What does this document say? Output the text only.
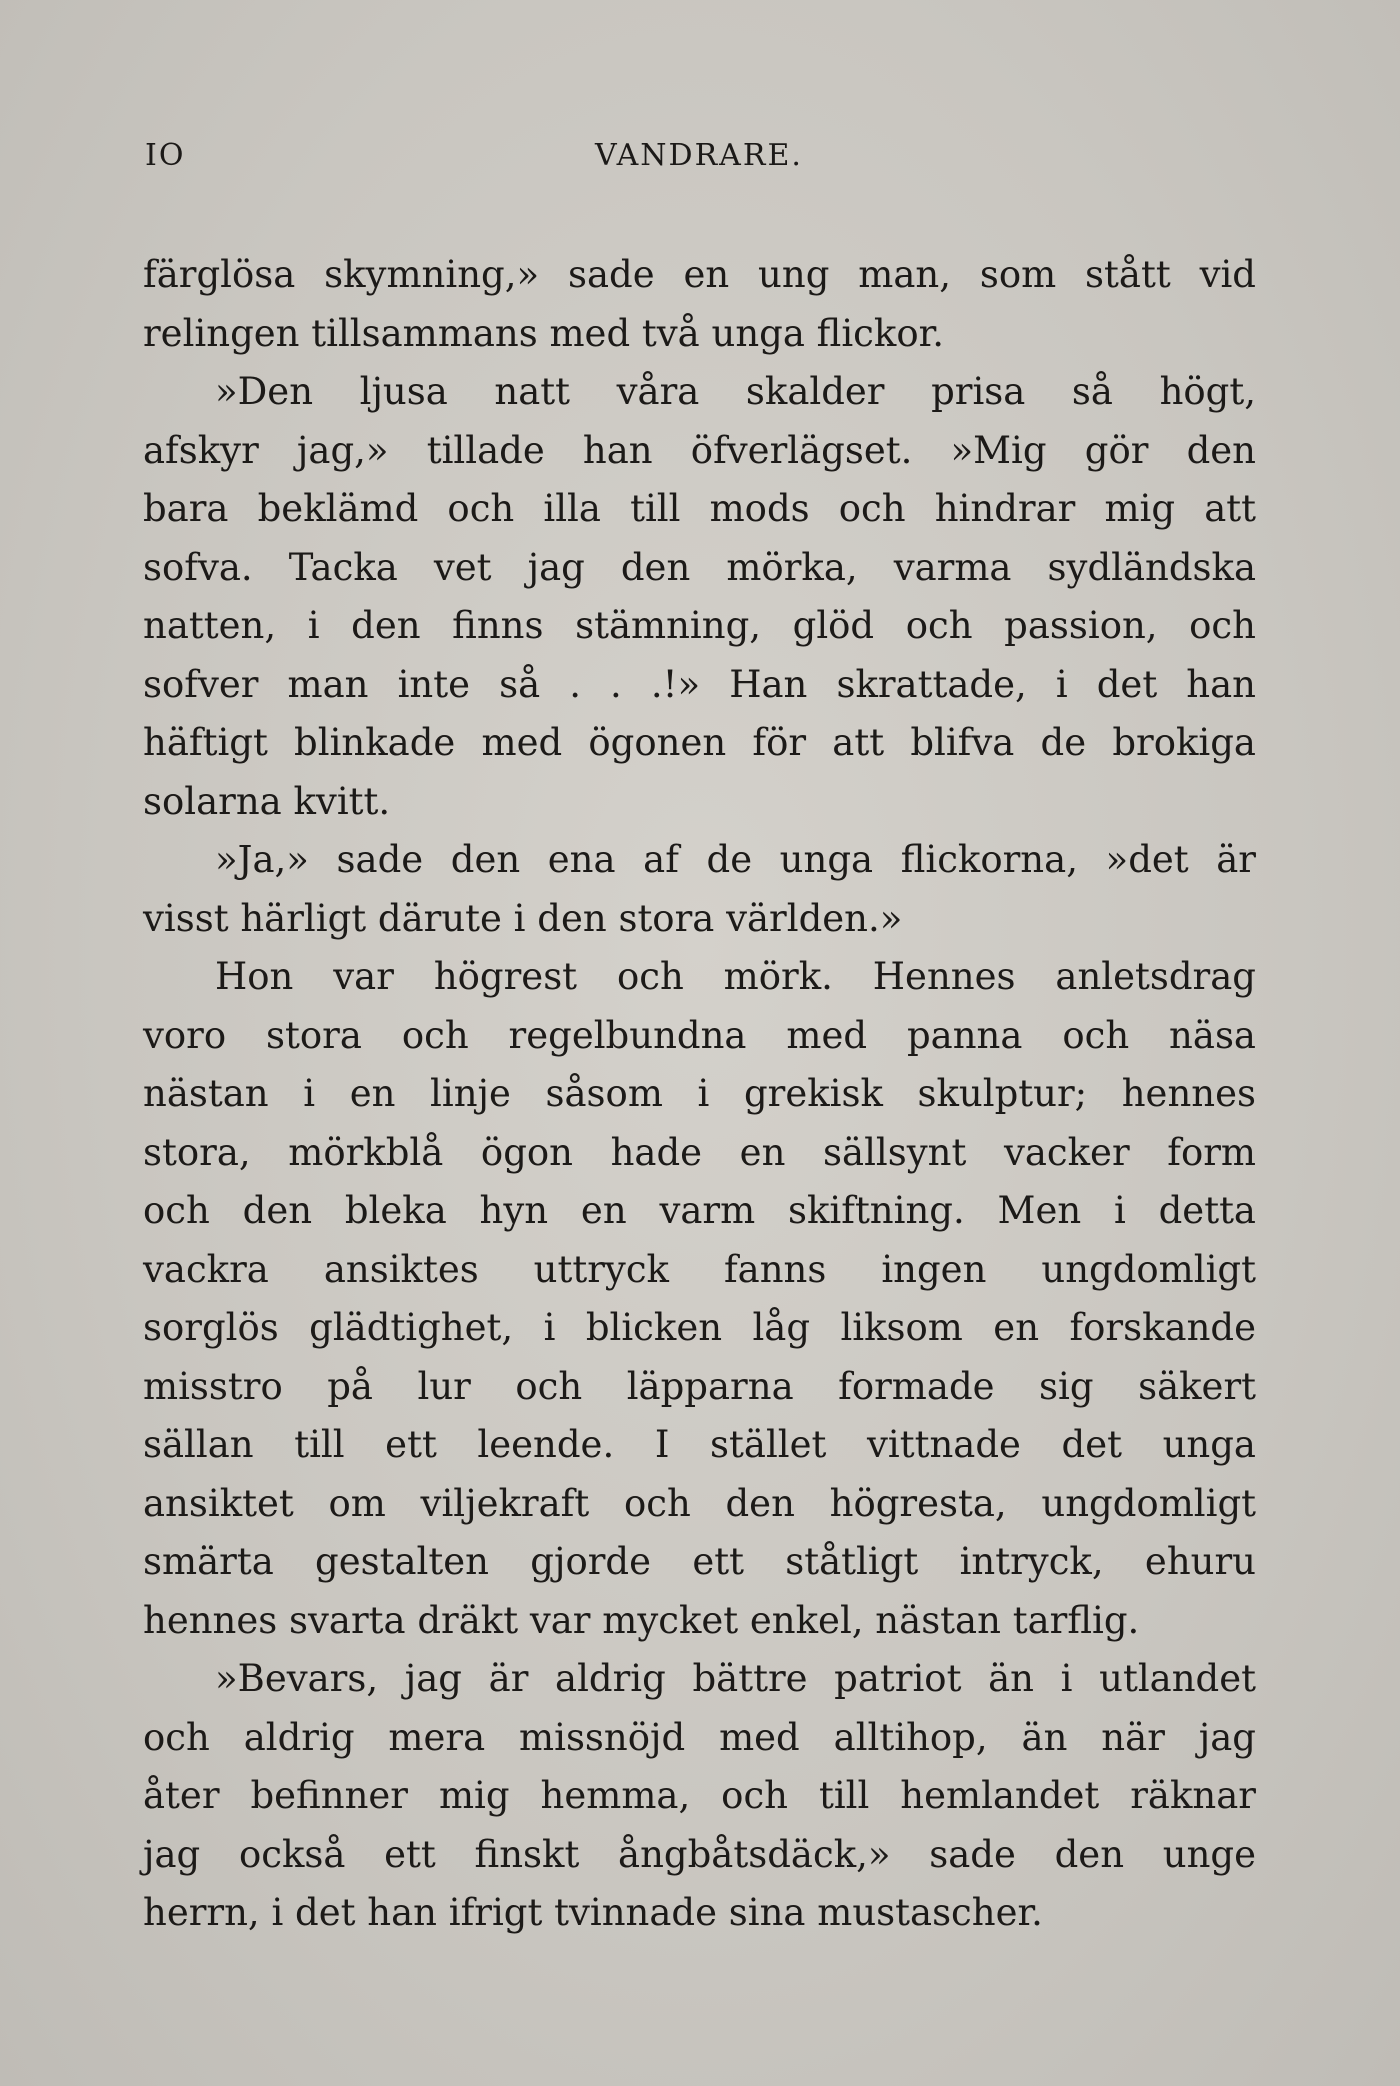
IO	VANDRARE.
färglösa skymning,» sade en ung man, som stått vid
relingen tillsammans med två unga flickor.
»Den ljusa natt våra skalder prisa så högt,
afskyr jag,» tillade han öfverlägset. »Mig gör den
bara beklämd och illa till mods och hindrar mig att
sofva. Tacka vet jag den mörka, varma sydländska
natten, i den finns stämning, glöd och passion, och
sofver man inte så . . .!» Han skrattade, i det han
häftigt blinkade med ögonen för att blifva de brokiga
solarna kvitt.
»Ja,» sade den ena af de unga flickorna, »det är
visst härligt därute i den stora världen.»
Hon var högrest och mörk. Hennes anletsdrag
voro stora och regelbundna med panna och näsa
nästan i en linje såsom i grekisk skulptur; hennes
stora, mörkblå ögon hade en sällsynt vacker form
och den bleka hyn en varm skiftning. Men i detta
vackra ansiktes uttryck fanns ingen ungdomligt
sorglös glädtighet, i blicken låg liksom en forskande
misstro på lur och läpparna formade sig säkert
sällan till ett leende. I stället vittnade det unga
ansiktet om viljekraft och den högresta, ungdomligt
smärta gestalten gjorde ett ståtligt intryck, ehuru
hennes svarta dräkt var mycket enkel, nästan tarflig.
»Bevars, jag är aldrig bättre patriot än i utlandet
och aldrig mera missnöjd med alltihop, än när jag
åter befinner mig hemma, och till hemlandet räknar
jag också ett finskt ångbåtsdäck,» sade den unge
herrn, i det han ifrigt tvinnade sina mustascher.
